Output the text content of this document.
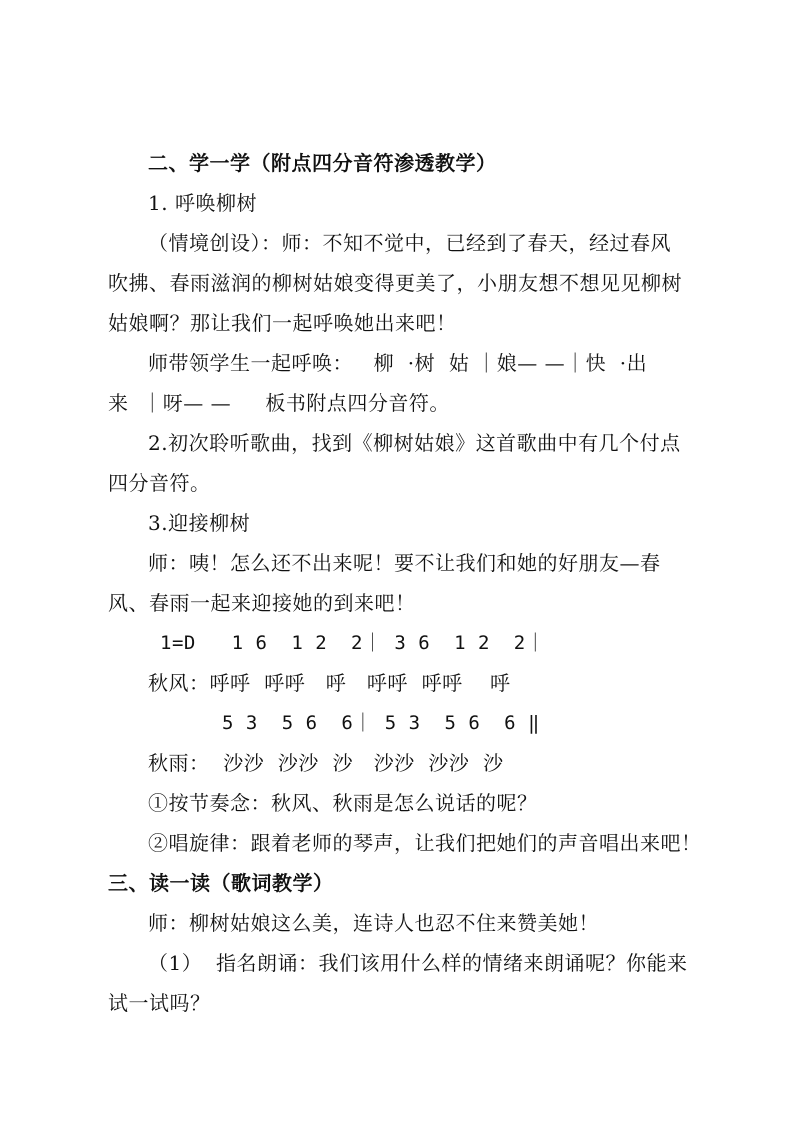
二、学一学（附点四分音符渗透教学）
1. 呼唤柳树
（情境创设）：师：不知不觉中，已经到了春天，经过春风
吹拂、春雨滋润的柳树姑娘变得更美了，小朋友想不想见见柳树
姑娘啊？那让我们一起呼唤她出来吧！
师带领学生一起呼唤：   柳  ·树  姑 ｜娘— —｜快  ·出
来  ｜呀— —     板书附点四分音符。
2.初次聆听歌曲，找到《柳树姑娘》这首歌曲中有几个付点
四分音符。
3.迎接柳树
师：咦！怎么还不出来呢！要不让我们和她的好朋友—春
风、春雨一起来迎接她的到来吧！
1=D   1 6  1 2  2｜ 3 6  1 2  2｜
秋风：呼呼  呼呼   呼   呼呼  呼呼    呼
5 3  5 6  6｜ 5 3  5 6  6 ‖
秋雨：  沙沙  沙沙  沙   沙沙  沙沙  沙
①按节奏念：秋风、秋雨是怎么说话的呢？
②唱旋律：跟着老师的琴声，让我们把她们的声音唱出来吧！
三、读一读（歌词教学）
师：柳树姑娘这么美，连诗人也忍不住来赞美她！
（1）  指名朗诵：我们该用什么样的情绪来朗诵呢？你能来
试一试吗？
